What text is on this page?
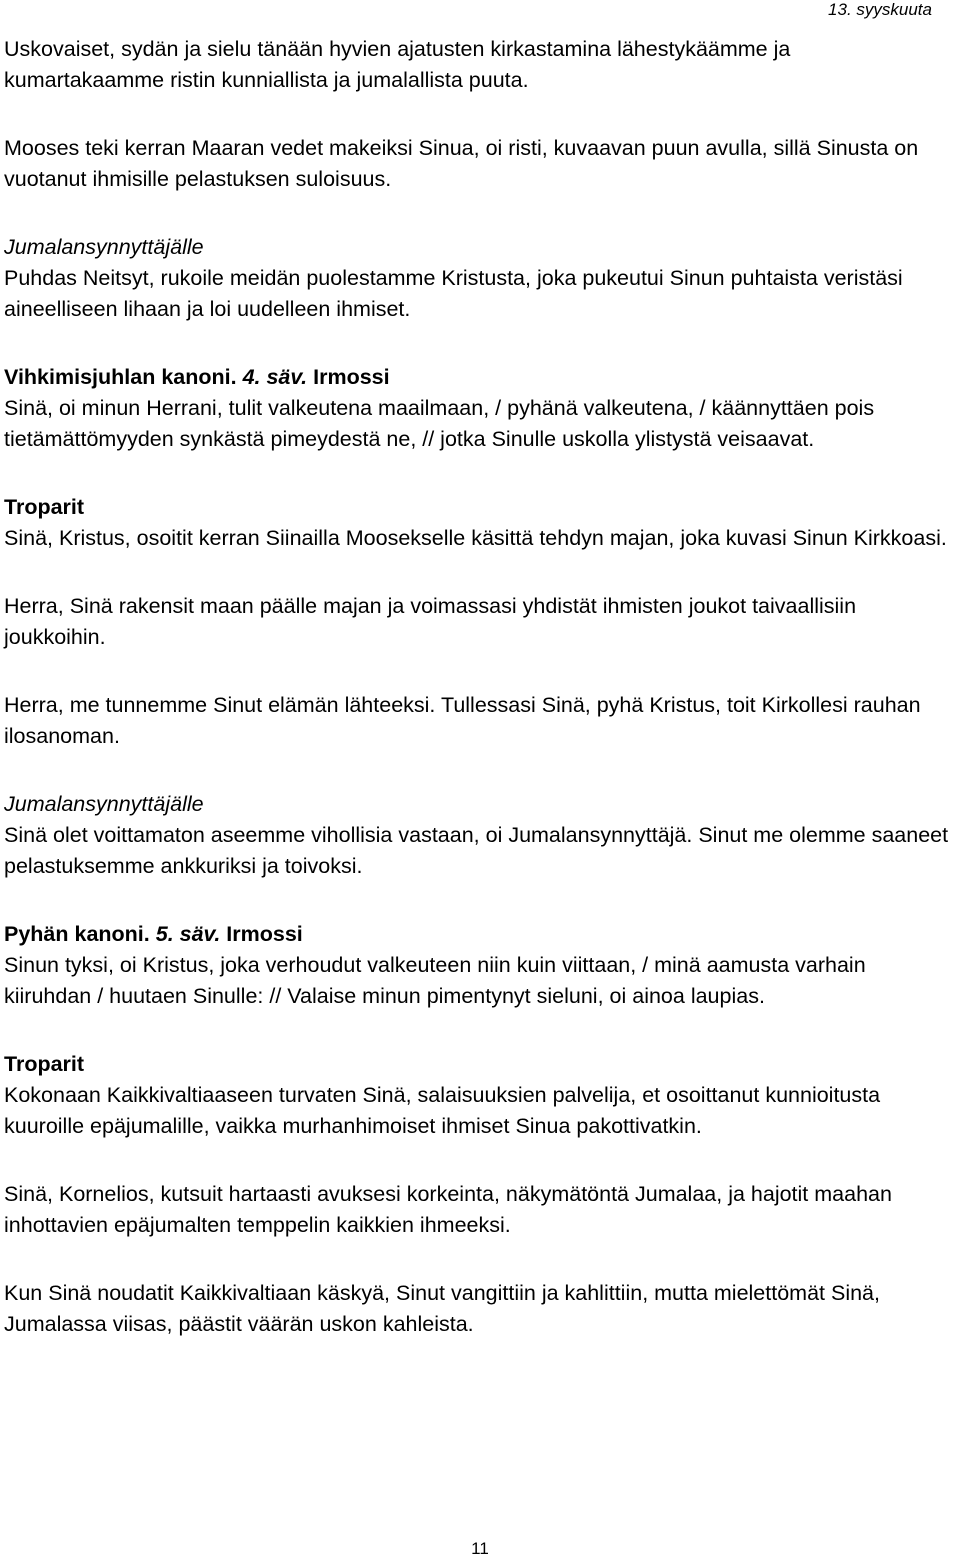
13. syyskuuta

Uskovaiset, sydän ja sielu tänään hyvien ajatusten kirkastamina lähestykäämme ja kumartakaamme ristin kunniallista ja jumalallista puuta.

Mooses teki kerran Maaran vedet makeiksi Sinua, oi risti, kuvaavan puun avulla, sillä Sinusta on vuotanut ihmisille pelastuksen suloisuus.

Jumalansynnyttäjälle

Puhdas Neitsyt, rukoile meidän puolestamme Kristusta, joka pukeutui Sinun puhtaista veristäsi aineelliseen lihaan ja loi uudelleen ihmiset.

Vihkimisjuhlan kanoni. 4. säv. Irmossi

Sinä, oi minun Herrani, tulit valkeutena maailmaan, / pyhänä valkeutena, / käännyttäen pois tietämättömyyden synkästä pimeydestä ne, // jotka Sinulle uskolla ylistystä veisaavat.

Troparit

Sinä, Kristus, osoitit kerran Siinailla Moosekselle käsittä tehdyn majan, joka kuvasi Sinun Kirkkoasi.

Herra, Sinä rakensit maan päälle majan ja voimassasi yhdistät ihmisten joukot taivaallisiin joukkoihin.

Herra, me tunnemme Sinut elämän lähteeksi. Tullessasi Sinä, pyhä Kristus, toit Kirkollesi rauhan ilosanoman.

Jumalansynnyttäjälle

Sinä olet voittamaton aseemme vihollisia vastaan, oi Jumalansynnyttäjä. Sinut me olemme saaneet pelastuksemme ankkuriksi ja toivoksi.

Pyhän kanoni. 5. säv. Irmossi

Sinun tyksi, oi Kristus, joka verhoudut valkeuteen niin kuin viittaan, / minä aamusta varhain kiiruhdan / huutaen Sinulle: // Valaise minun pimentynyt sieluni, oi ainoa laupias.

Troparit

Kokonaan Kaikkivaltiaaseen turvaten Sinä, salaisuuksien palvelija, et osoittanut kunnioitusta kuuroille epäjumalille, vaikka murhanhimoiset ihmiset Sinua pakottivatkin.

Sinä, Kornelios, kutsuit hartaasti avuksesi korkeinta, näkymätöntä Jumalaa, ja hajotit maahan inhottavien epäjumalten temppelin kaikkien ihmeeksi.

Kun Sinä noudatit Kaikkivaltiaan käskyä, Sinut vangittiin ja kahlittiin, mutta mielettömät Sinä, Jumalassa viisas, päästit väärän uskon kahleista.

11
